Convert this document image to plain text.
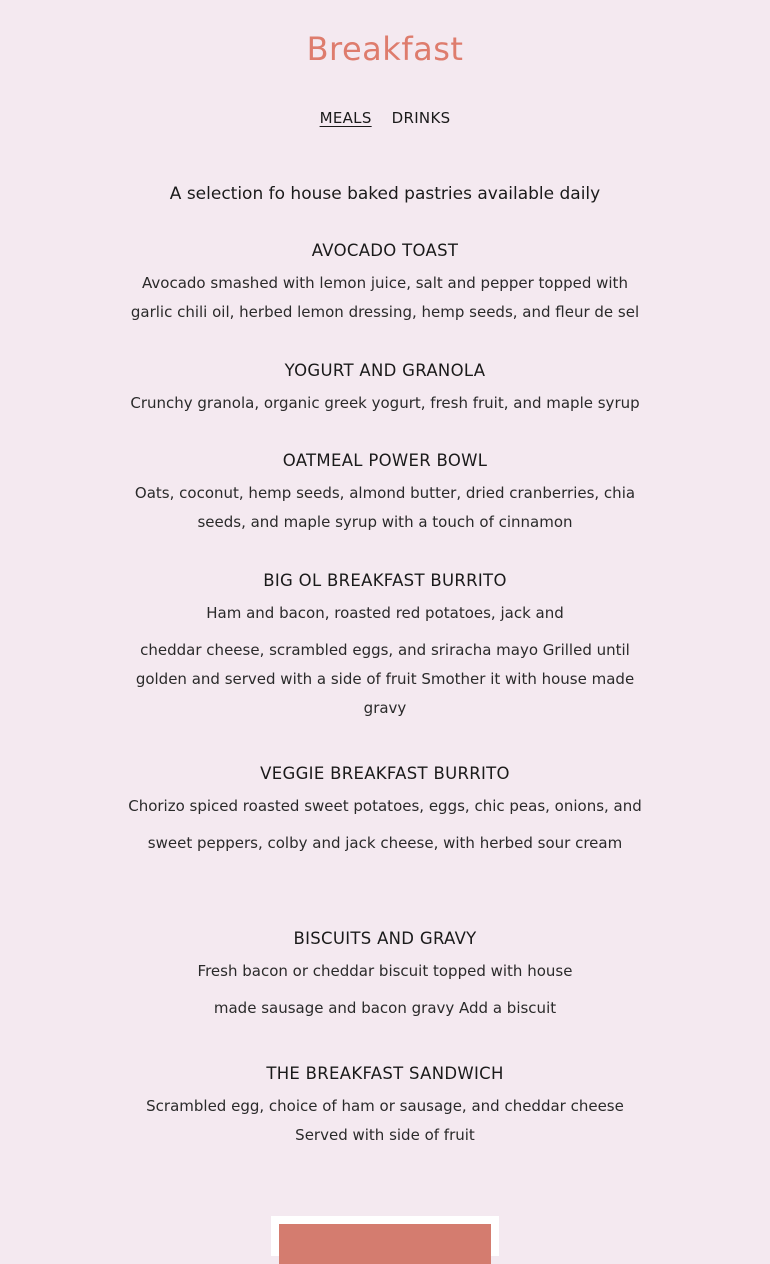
Breakfast
MEALS DRINKS
A selection fo house baked pastries available daily
AVOCADO TOAST

Avocado smashed with lemon juice, salt and pepper topped with garlic chili oil, herbed lemon dressing, hemp seeds, and fleur de sel

YOGURT AND GRANOLA

Crunchy granola, organic greek yogurt, fresh fruit, and maple syrup

OATMEAL POWER BOWL

Oats, coconut, hemp seeds, almond butter, dried cranberries, chia seeds, and maple syrup with a touch of cinnamon

BIG OL BREAKFAST BURRITO

Ham and bacon, roasted red potatoes, jack and

cheddar cheese, scrambled eggs, and sriracha mayo Grilled until golden and served with a side of fruit Smother it with house made gravy

VEGGIE BREAKFAST BURRITO

Chorizo spiced roasted sweet potatoes, eggs, chic peas, onions, and

sweet peppers, colby and jack cheese, with herbed sour cream

BISCUITS AND GRAVY

Fresh bacon or cheddar biscuit topped with house

made sausage and bacon gravy Add a biscuit

THE BREAKFAST SANDWICH

Scrambled egg, choice of ham or sausage, and cheddar cheese Served with side of fruit
